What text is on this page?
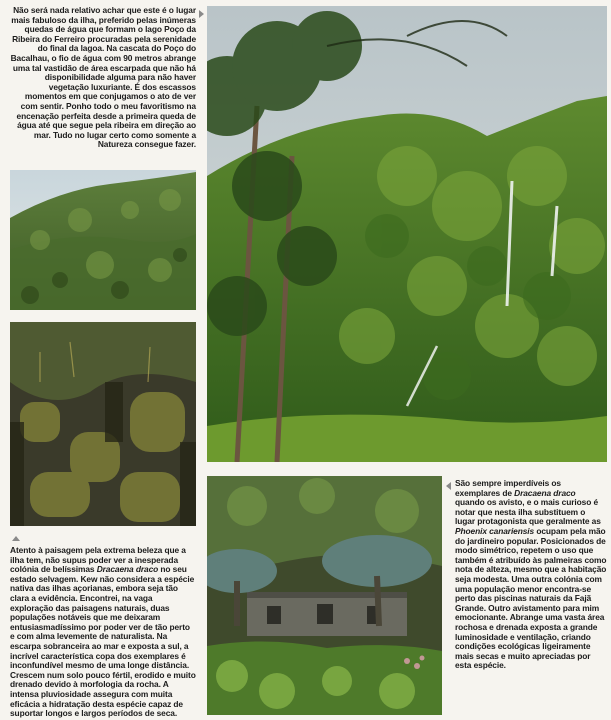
Não será nada relativo achar que este é o lugar mais fabuloso da ilha, preferido pelas inúmeras quedas de água que formam o lago Poço da Ribeira do Ferreiro procuradas pela serenidade do final da lagoa. Na cascata do Poço do Bacalhau, o fio de água com 90 metros abrange uma tal vastidão de área escarpada que não há disponibilidade alguma para não haver vegetação luxuriante. É dos escassos momentos em que conjugamos o ato de ver com sentir. Ponho todo o meu favoritismo na encenação perfeita desde a primeira queda de água até que segue pela ribeira em direção ao mar. Tudo no lugar certo como somente a Natureza consegue fazer.

Atento à paisagem pela extrema beleza que a ilha tem, não supus poder ver a inesperada colónia de belíssimas Dracaena draco no seu estado selvagem. Kew não considera a espécie nativa das ilhas açorianas, embora seja tão clara a evidência. Encontrei, na vaga exploração das paisagens naturais, duas populações notáveis que me deixaram entusiasmadíssimo por poder ver de tão perto e com alma levemente de naturalista. Na escarpa sobranceira ao mar e exposta a sul, a incrível característica copa dos exemplares é inconfundível mesmo de uma longe distância. Crescem num solo pouco fértil, erodido e muito drenado devido à morfologia da rocha. A intensa pluviosidade assegura com muita eficácia a hidratação desta espécie capaz de suportar longos e largos períodos de seca.

São sempre imperdíveis os exemplares de Dracaena draco quando os avisto, e o mais curioso é notar que nesta ilha substituem o lugar protagonista que geralmente as Phoenix canariensis ocupam pela mão do jardineiro popular. Posicionados de modo simétrico, repetem o uso que também é atribuído às palmeiras como nota de alteza, mesmo que a habitação seja modesta. Uma outra colónia com uma população menor encontra-se perto das piscinas naturais da Fajã Grande. Outro avistamento para mim emocionante. Abrange uma vasta área rochosa e drenada exposta a grande luminosidade e ventilação, criando condições ecológicas ligeiramente mais secas e muito apreciadas por esta espécie.
